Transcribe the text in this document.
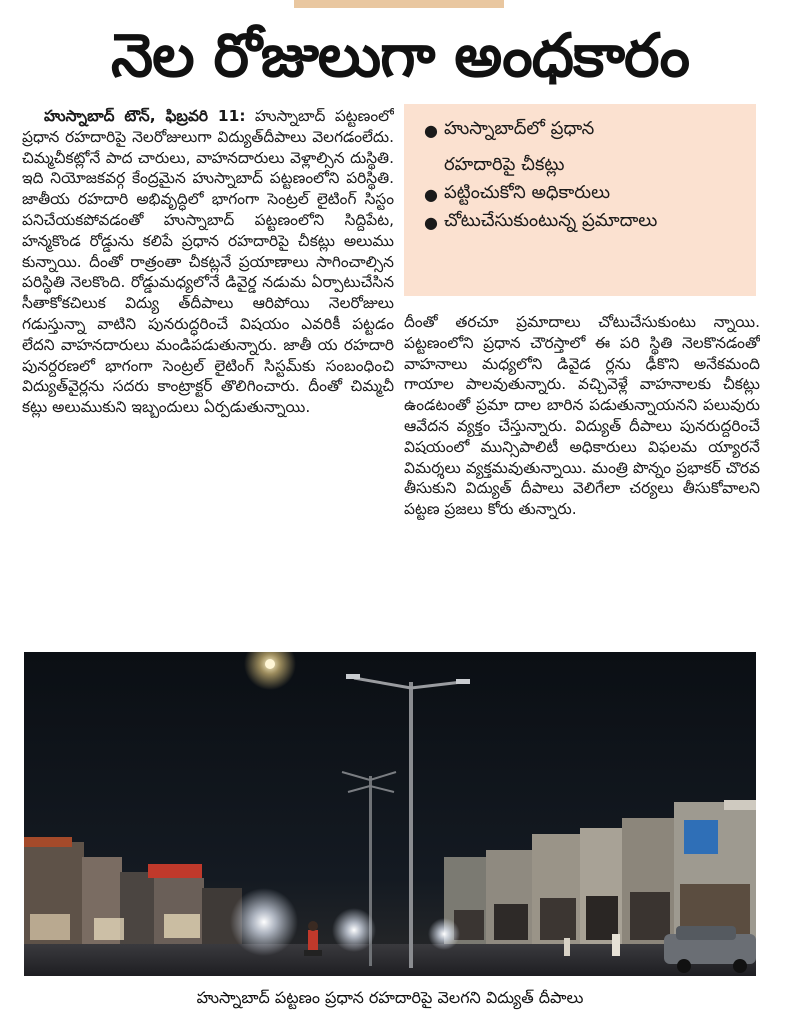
నెల రోజులుగా అంధకారం

హుస్నాబాద్ టౌన్, ఫిబ్రవరి 11: హుస్నాబాద్ పట్టణంలో ప్రధాన రహదారిపై నెలరోజులుగా విద్యుత్‌దీపాలు వెలగడంలేదు. చిమ్మచీకట్లోనే పాద చారులు, వాహనదారులు వెళ్లాల్సిన దుస్థితి. ఇది నియోజకవర్గ కేంద్రమైన హుస్నాబాద్ పట్టణంలోని పరిస్థితి. జాతీయ రహదారి అభివృద్ధిలో భాగంగా సెంట్రల్ లైటింగ్ సిస్టం పనిచేయకపోవడంతో హుస్నాబాద్ పట్టణంలోని సిద్దిపేట, హన్మకొండ రోడ్డును కలిపే ప్రధాన రహదారిపై చీకట్లు అలుము కున్నాయి. దీంతో రాత్రంతా చీకట్లనే ప్రయాణాలు సాగించాల్సిన పరిస్థితి నెలకొంది. రోడ్డుమధ్యలోనే డివైర్డ నడుమ ఏర్పాటుచేసిన సీతాకోకచిలుక విద్యు త్‌దీపాలు ఆరిపోయి నెలరోజులు గడుస్తున్నా వాటిని పునరుద్ధరించే విషయం ఎవరికీ పట్టడం లేదని వాహనదారులు మండిపడుతున్నారు. జాతీ య రహదారి పునర్దరణలో భాగంగా సెంట్రల్ లైటింగ్ సిస్టమ్‌కు సంబంధించి విద్యుత్‌వైర్లను సదరు కాంట్రాక్టర్ తొలిగించారు. దీంతో చిమ్మచీ కట్లు అలుముకుని ఇబ్బందులు ఏర్పడుతున్నాయి.

● హుస్నాబాద్‌లో ప్రధాన
రహదారిపై చీకట్లు
● పట్టించుకోని అధికారులు
● చోటుచేసుకుంటున్న ప్రమాదాలు

దీంతో తరచూ ప్రమాదాలు చోటుచేసుకుంటు న్నాయి. పట్టణంలోని ప్రధాన చౌరస్తాలో ఈ పరి స్థితి నెలకొనడంతో వాహనాలు మధ్యలోని డివైడ ర్లను ఢీకొని అనేకమంది గాయాల పాలవుతున్నారు. వచ్చివెళ్లే వాహనాలకు చీకట్లు ఉండటంతో ప్రమా దాల బారిన పడుతున్నాయనని పలువురు ఆవేదన వ్యక్తం చేస్తున్నారు. విద్యుత్ దీపాలు పునరుద్దరించే విషయంలో మున్సిపాలిటీ అధికారులు విఫలమ య్యారనే విమర్శలు వ్యక్తమవుతున్నాయి. మంత్రి పొన్నం ప్రభాకర్ చొరవ తీసుకుని విద్యుత్ దీపాలు వెలిగేలా చర్యలు తీసుకోవాలని పట్టణ ప్రజలు కోరు తున్నారు.

హుస్నాబాద్ పట్టణం ప్రధాన రహదారిపై వెలగని విద్యుత్ దీపాలు
